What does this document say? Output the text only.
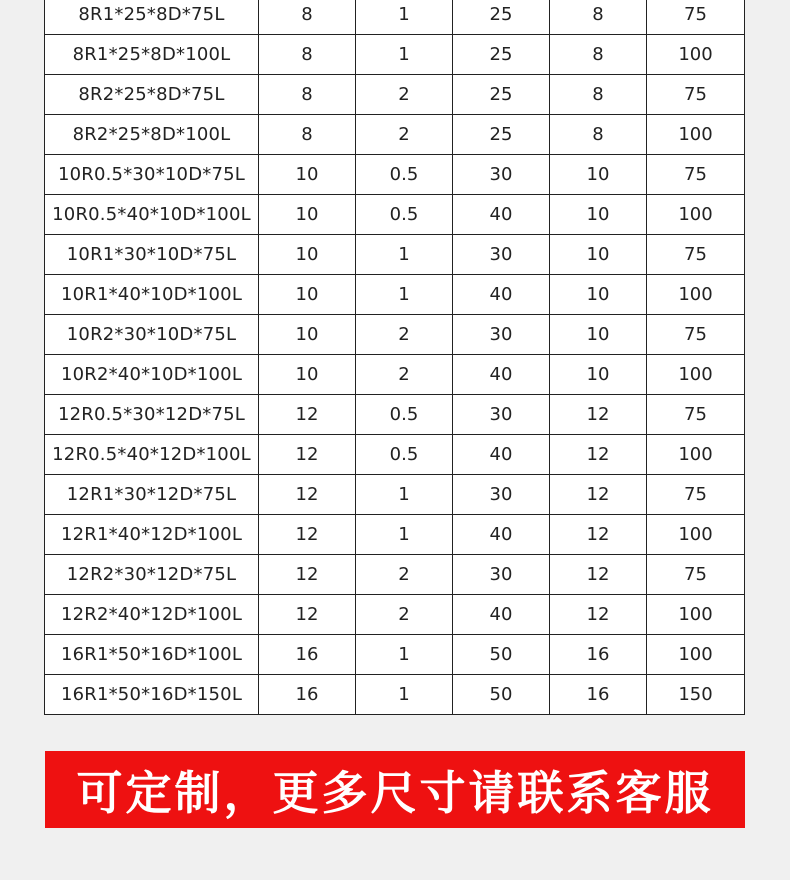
8R1*25*8D*75L	8	1	25	8	75
8R1*25*8D*100L	8	1	25	8	100
8R2*25*8D*75L	8	2	25	8	75
8R2*25*8D*100L	8	2	25	8	100
10R0.5*30*10D*75L	10	0.5	30	10	75
10R0.5*40*10D*100L	10	0.5	40	10	100
10R1*30*10D*75L	10	1	30	10	75
10R1*40*10D*100L	10	1	40	10	100
10R2*30*10D*75L	10	2	30	10	75
10R2*40*10D*100L	10	2	40	10	100
12R0.5*30*12D*75L	12	0.5	30	12	75
12R0.5*40*12D*100L	12	0.5	40	12	100
12R1*30*12D*75L	12	1	30	12	75
12R1*40*12D*100L	12	1	40	12	100
12R2*30*12D*75L	12	2	30	12	75
12R2*40*12D*100L	12	2	40	12	100
16R1*50*16D*100L	16	1	50	16	100
16R1*50*16D*150L	16	1	50	16	150
可定制，更多尺寸请联系客服
